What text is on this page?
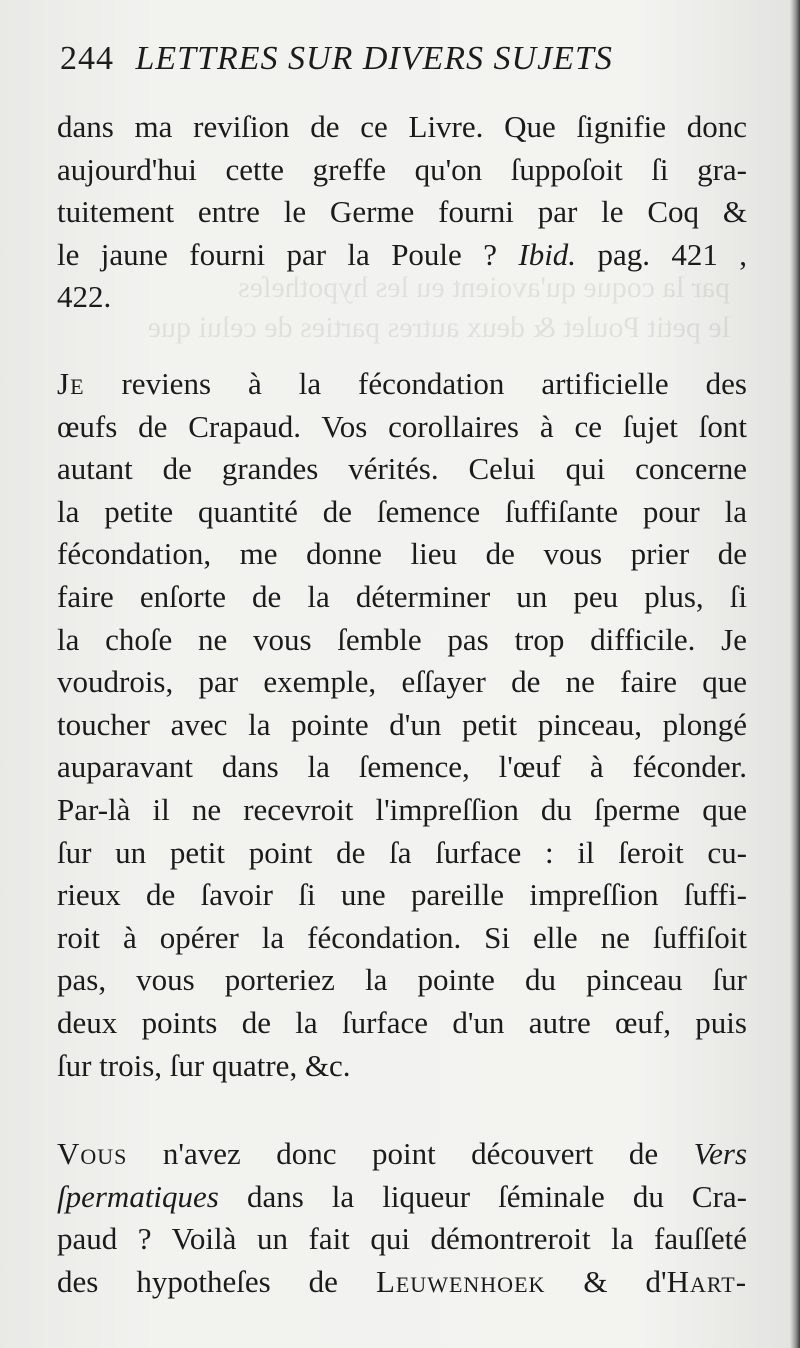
par la coque qu'avoient eu les hypotheſes
le petit Poulet & deux autres parties de celui que
244 LETTRES SUR DIVERS SUJETS
dans ma reviſion de ce Livre. Que ſignifie donc
aujourd'hui cette greffe qu'on ſuppoſoit ſi gra-
tuitement entre le Germe fourni par le Coq &
le jaune fourni par la Poule ? Ibid. pag. 421 ,
422.
Je reviens à la fécondation artificielle des
œufs de Crapaud. Vos corollaires à ce ſujet ſont
autant de grandes vérités. Celui qui concerne
la petite quantité de ſemence ſuffiſante pour la
fécondation, me donne lieu de vous prier de
faire enſorte de la déterminer un peu plus, ſi
la choſe ne vous ſemble pas trop difficile. Je
voudrois, par exemple, eſſayer de ne faire que
toucher avec la pointe d'un petit pinceau, plongé
auparavant dans la ſemence, l'œuf à féconder.
Par-là il ne recevroit l'impreſſion du ſperme que
ſur un petit point de ſa ſurface : il ſeroit cu-
rieux de ſavoir ſi une pareille impreſſion ſuffi-
roit à opérer la fécondation. Si elle ne ſuffiſoit
pas, vous porteriez la pointe du pinceau ſur
deux points de la ſurface d'un autre œuf, puis
ſur trois, ſur quatre, &c.
Vous n'avez donc point découvert de Vers
ſpermatiques dans la liqueur ſéminale du Cra-
paud ? Voilà un fait qui démontreroit la fauſſeté
des hypotheſes de Leuwenhoek & d'Hart-
